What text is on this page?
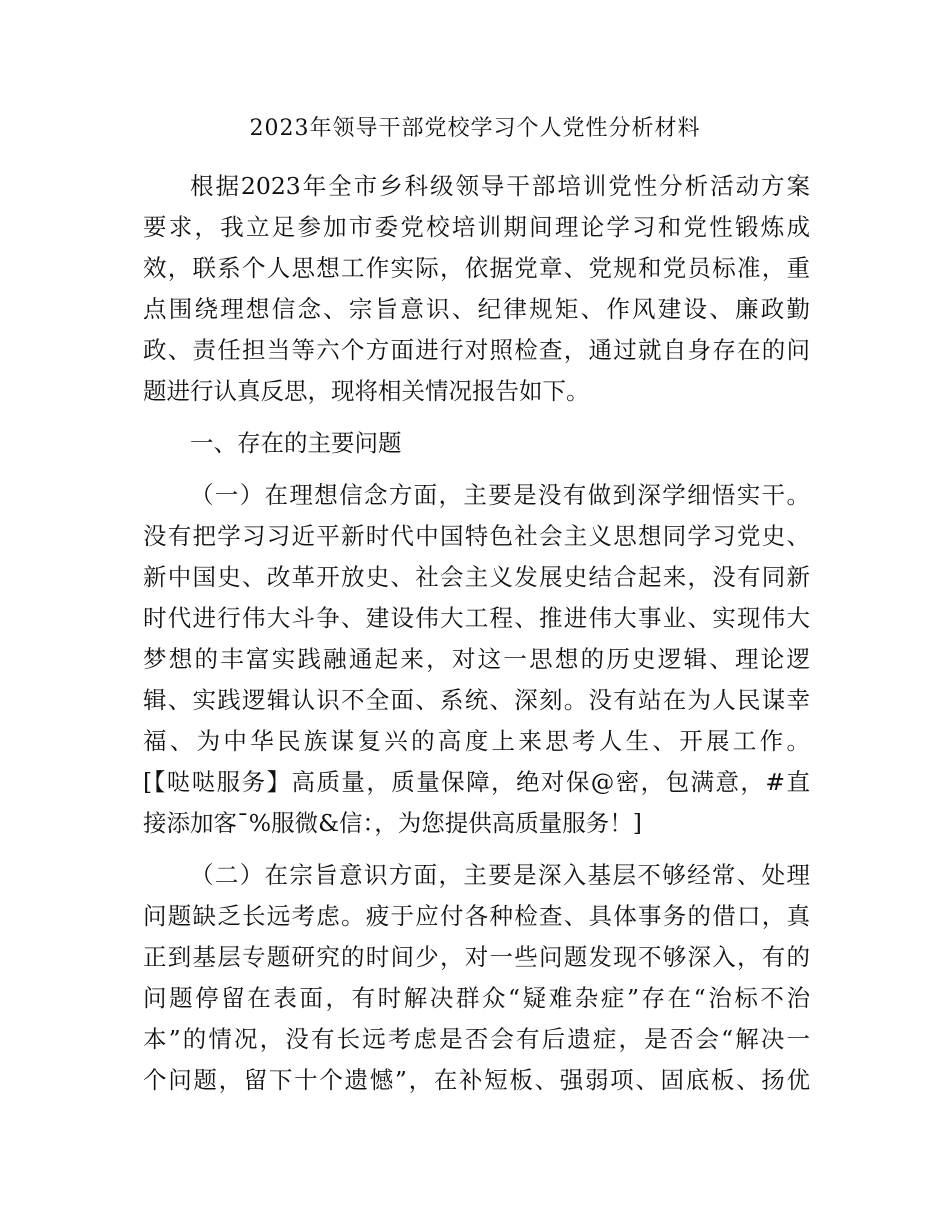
2023年领导干部党校学习个人党性分析材料

根据2023年全市乡科级领导干部培训党性分析活动方案

要求，我立足参加市委党校培训期间理论学习和党性锻炼成

效，联系个人思想工作实际，依据党章、党规和党员标准，重

点围绕理想信念、宗旨意识、纪律规矩、作风建设、廉政勤

政、责任担当等六个方面进行对照检查，通过就自身存在的问

题进行认真反思，现将相关情况报告如下。

一、存在的主要问题

（一）在理想信念方面，主要是没有做到深学细悟实干。

没有把学习习近平新时代中国特色社会主义思想同学习党史、

新中国史、改革开放史、社会主义发展史结合起来，没有同新

时代进行伟大斗争、建设伟大工程、推进伟大事业、实现伟大

梦想的丰富实践融通起来，对这一思想的历史逻辑、理论逻

辑、实践逻辑认识不全面、系统、深刻。没有站在为人民谋幸

福、为中华民族谋复兴的高度上来思考人生、开展工作。

[【哒哒服务】高质量，质量保障，绝对保@密，包满意，#直

接添加客¯%服微&信：，为您提供高质量服务！]

（二）在宗旨意识方面，主要是深入基层不够经常、处理

问题缺乏长远考虑。疲于应付各种检查、具体事务的借口，真

正到基层专题研究的时间少，对一些问题发现不够深入，有的

问题停留在表面，有时解决群众“疑难杂症”存在“治标不治

本”的情况，没有长远考虑是否会有后遗症，是否会“解决一

个问题，留下十个遗憾”，在补短板、强弱项、固底板、扬优
